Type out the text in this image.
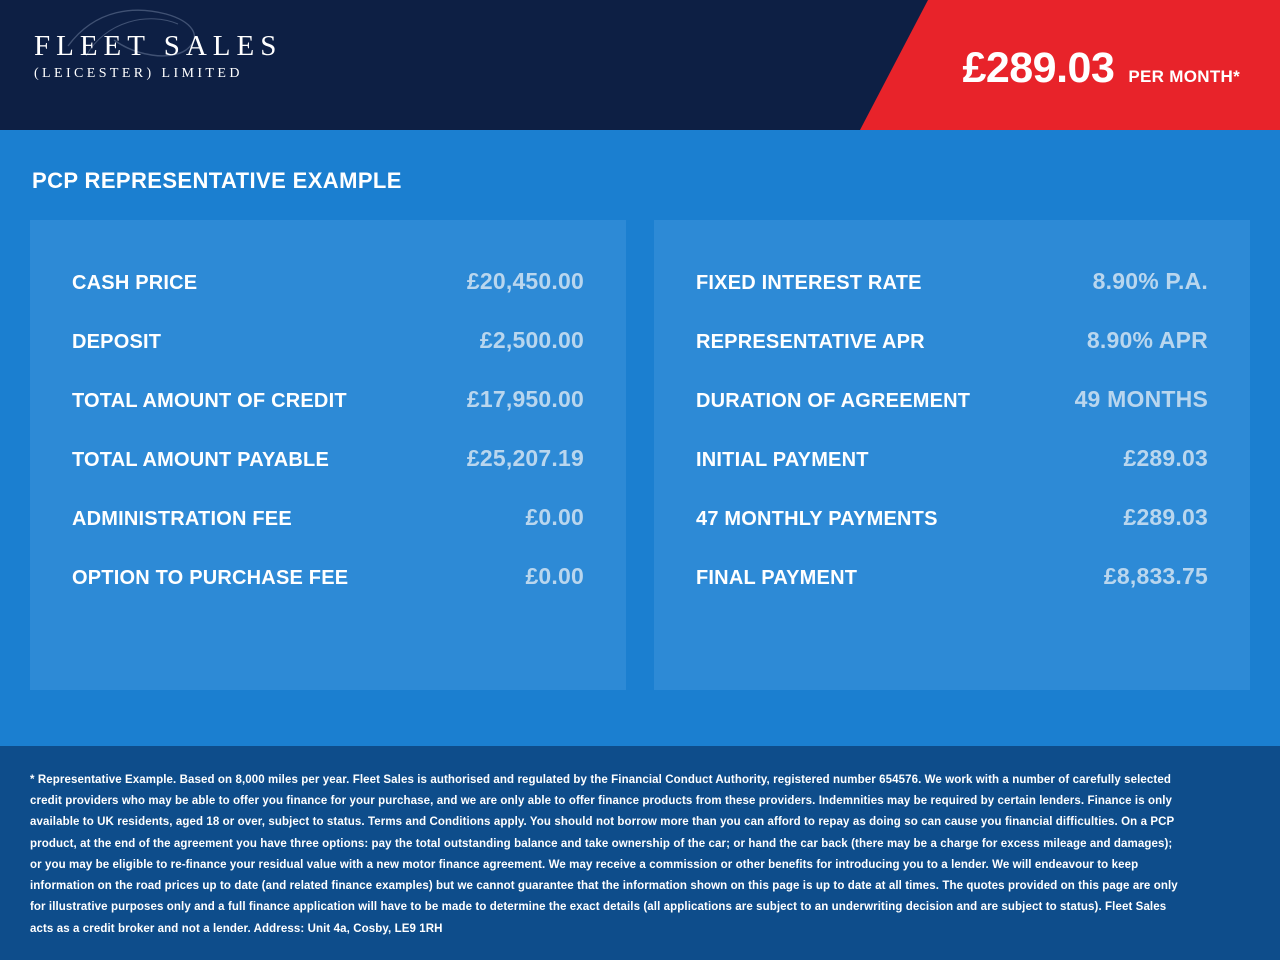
FLEET SALES
(LEICESTER) LIMITED	£289.03 PER MONTH*
PCP REPRESENTATIVE EXAMPLE
CASH PRICE	£20,450.00
DEPOSIT	£2,500.00
TOTAL AMOUNT OF CREDIT	£17,950.00
TOTAL AMOUNT PAYABLE	£25,207.19
ADMINISTRATION FEE	£0.00
OPTION TO PURCHASE FEE	£0.00
FIXED INTEREST RATE	8.90% P.A.
REPRESENTATIVE APR	8.90% APR
DURATION OF AGREEMENT	49 MONTHS
INITIAL PAYMENT	£289.03
47 MONTHLY PAYMENTS	£289.03
FINAL PAYMENT	£8,833.75

* Representative Example. Based on 8,000 miles per year. Fleet Sales is authorised and regulated by the Financial Conduct Authority, registered number 654576. We work with a number of carefully selected credit providers who may be able to offer you finance for your purchase, and we are only able to offer finance products from these providers. Indemnities may be required by certain lenders. Finance is only available to UK residents, aged 18 or over, subject to status. Terms and Conditions apply. You should not borrow more than you can afford to repay as doing so can cause you financial difficulties. On a PCP product, at the end of the agreement you have three options: pay the total outstanding balance and take ownership of the car; or hand the car back (there may be a charge for excess mileage and damages); or you may be eligible to re-finance your residual value with a new motor finance agreement. We may receive a commission or other benefits for introducing you to a lender. We will endeavour to keep information on the road prices up to date (and related finance examples) but we cannot guarantee that the information shown on this page is up to date at all times. The quotes provided on this page are only for illustrative purposes only and a full finance application will have to be made to determine the exact details (all applications are subject to an underwriting decision and are subject to status). Fleet Sales acts as a credit broker and not a lender. Address: Unit 4a, Cosby, LE9 1RH
